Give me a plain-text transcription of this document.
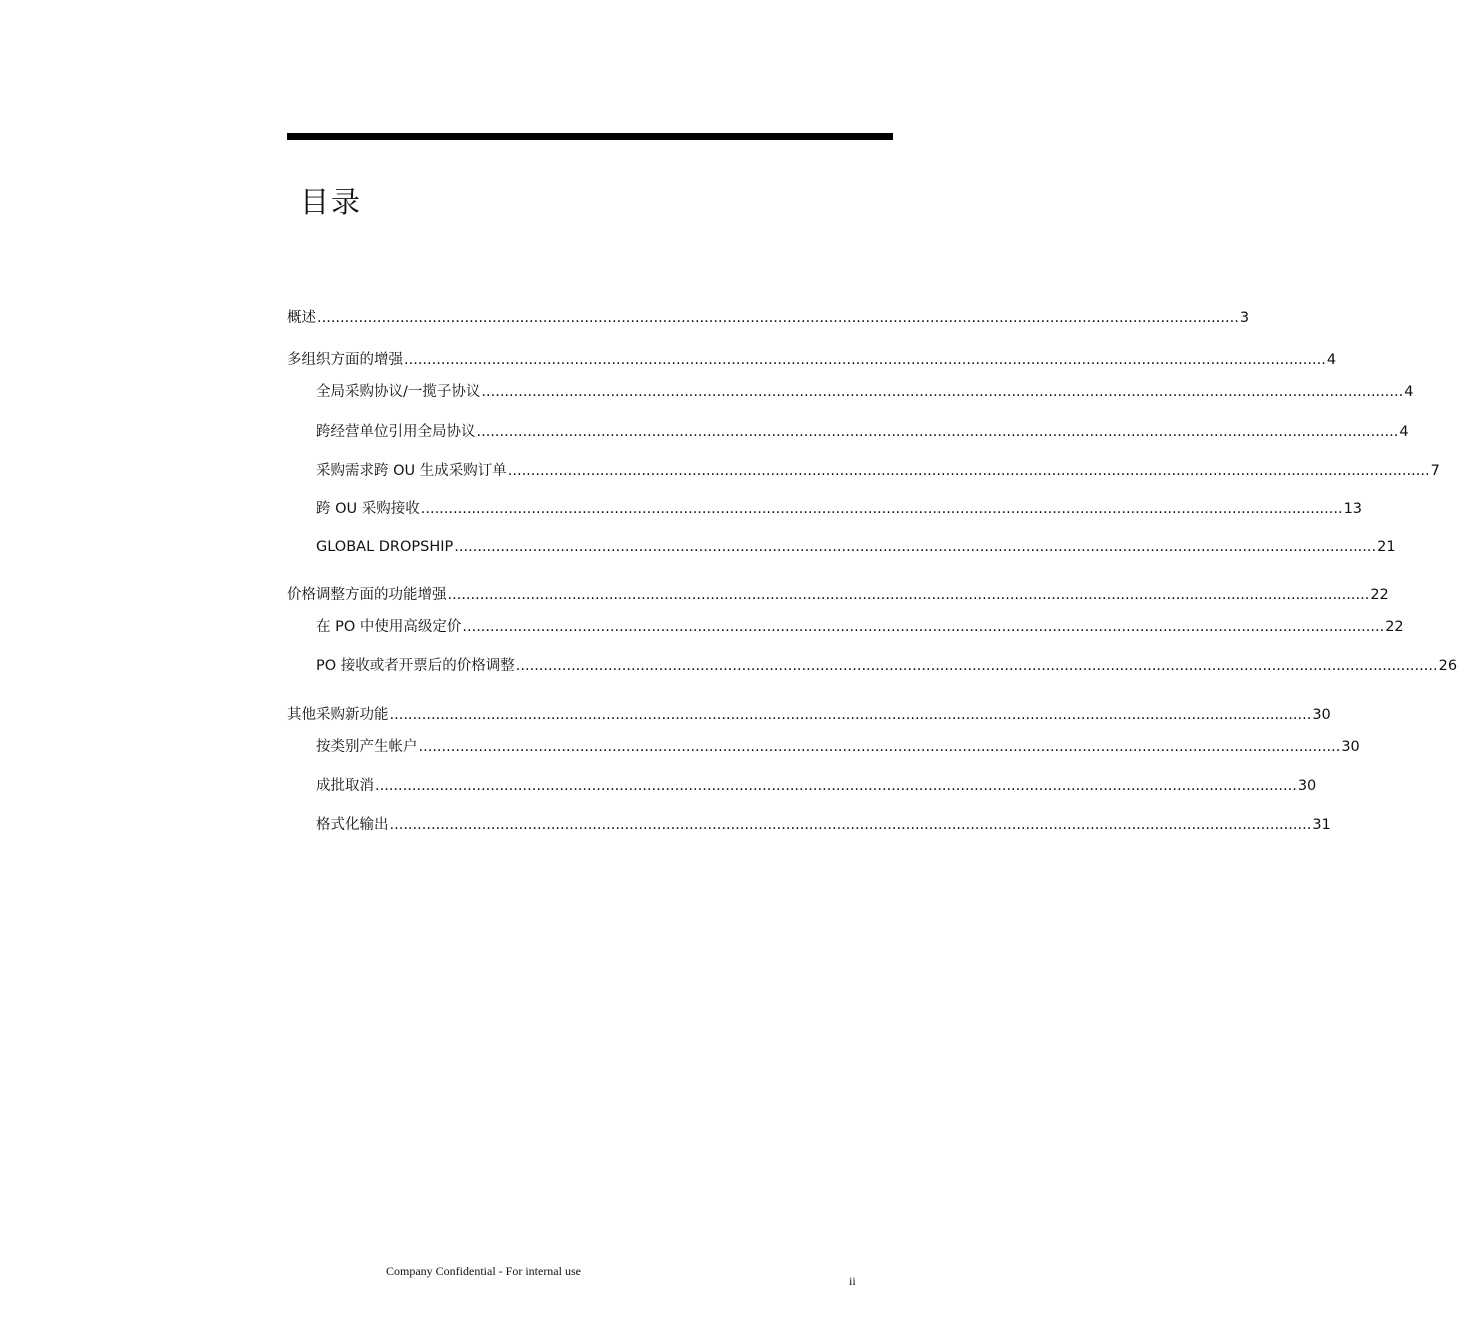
目录
概述 ........................................................................................................................................................................................................ 3
多组织方面的增强 ........................................................................................................................................................................................................ 4
全局采购协议/一揽子协议 ........................................................................................................................................................................................................ 4
跨经营单位引用全局协议 ........................................................................................................................................................................................................ 4
采购需求跨 OU 生成采购订单 ........................................................................................................................................................................................................ 7
跨 OU 采购接收 ........................................................................................................................................................................................................ 13
GLOBAL DROPSHIP ........................................................................................................................................................................................................ 21
价格调整方面的功能增强 ........................................................................................................................................................................................................ 22
在 PO 中使用高级定价 ........................................................................................................................................................................................................ 22
PO 接收或者开票后的价格调整 ........................................................................................................................................................................................................ 26
其他采购新功能 ........................................................................................................................................................................................................ 30
按类别产生帐户 ........................................................................................................................................................................................................ 30
成批取消 ........................................................................................................................................................................................................ 30
格式化输出 ........................................................................................................................................................................................................ 31
Company Confidential - For internal use
ii
